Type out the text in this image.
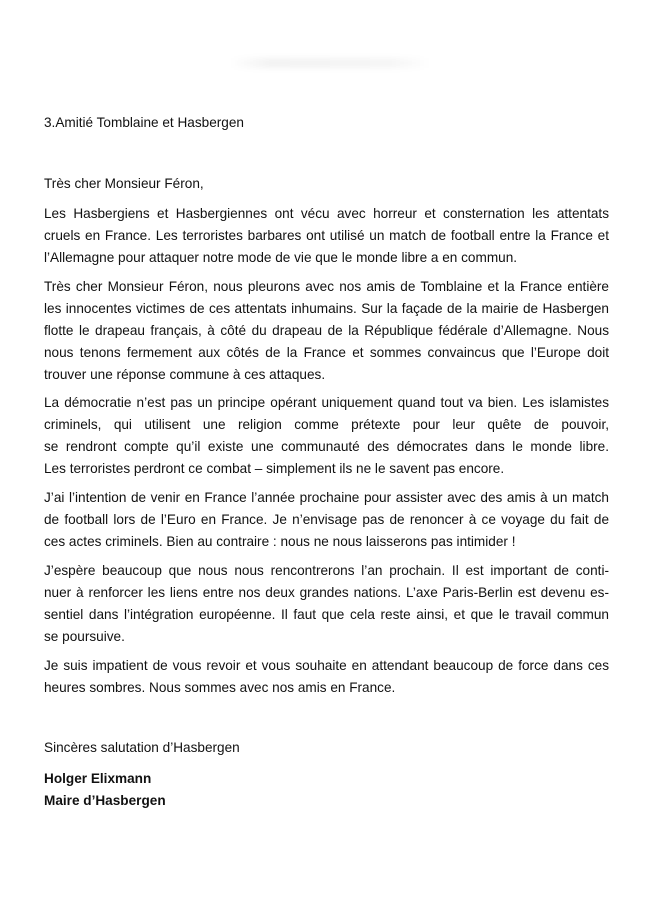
3.Amitié Tomblaine et Hasbergen
Très cher Monsieur Féron,
Les Hasbergiens et Hasbergiennes ont vécu avec horreur et consternation les attentats
cruels en France. Les terroristes barbares ont utilisé un match de football entre la France et
l’Allemagne pour attaquer notre mode de vie que le monde libre a en commun.
Très cher Monsieur Féron, nous pleurons avec nos amis de Tomblaine et la France entière
les innocentes victimes de ces attentats inhumains. Sur la façade de la mairie de Hasbergen
flotte le drapeau français, à côté du drapeau de la République fédérale d’Allemagne. Nous
nous tenons fermement aux côtés de la France et sommes convaincus que l’Europe doit
trouver une réponse commune à ces attaques.
La démocratie n’est pas un principe opérant uniquement quand tout va bien. Les islamistes
criminels, qui utilisent une religion comme prétexte pour leur quête de pouvoir,
se rendront compte qu’il existe une communauté des démocrates dans le monde libre.
Les terroristes perdront ce combat – simplement ils ne le savent pas encore.
J’ai l’intention de venir en France l’année prochaine pour assister avec des amis à un match
de football lors de l’Euro en France. Je n’envisage pas de renoncer à ce voyage du fait de
ces actes criminels. Bien au contraire : nous ne nous laisserons pas intimider !
J’espère beaucoup que nous nous rencontrerons l’an prochain. Il est important de conti-
nuer à renforcer les liens entre nos deux grandes nations. L’axe Paris-Berlin est devenu es-
sentiel dans l’intégration européenne. Il faut que cela reste ainsi, et que le travail commun
se poursuive.
Je suis impatient de vous revoir et vous souhaite en attendant beaucoup de force dans ces
heures sombres. Nous sommes avec nos amis en France.
Sincères salutation d’Hasbergen
Holger Elixmann
Maire d’Hasbergen
